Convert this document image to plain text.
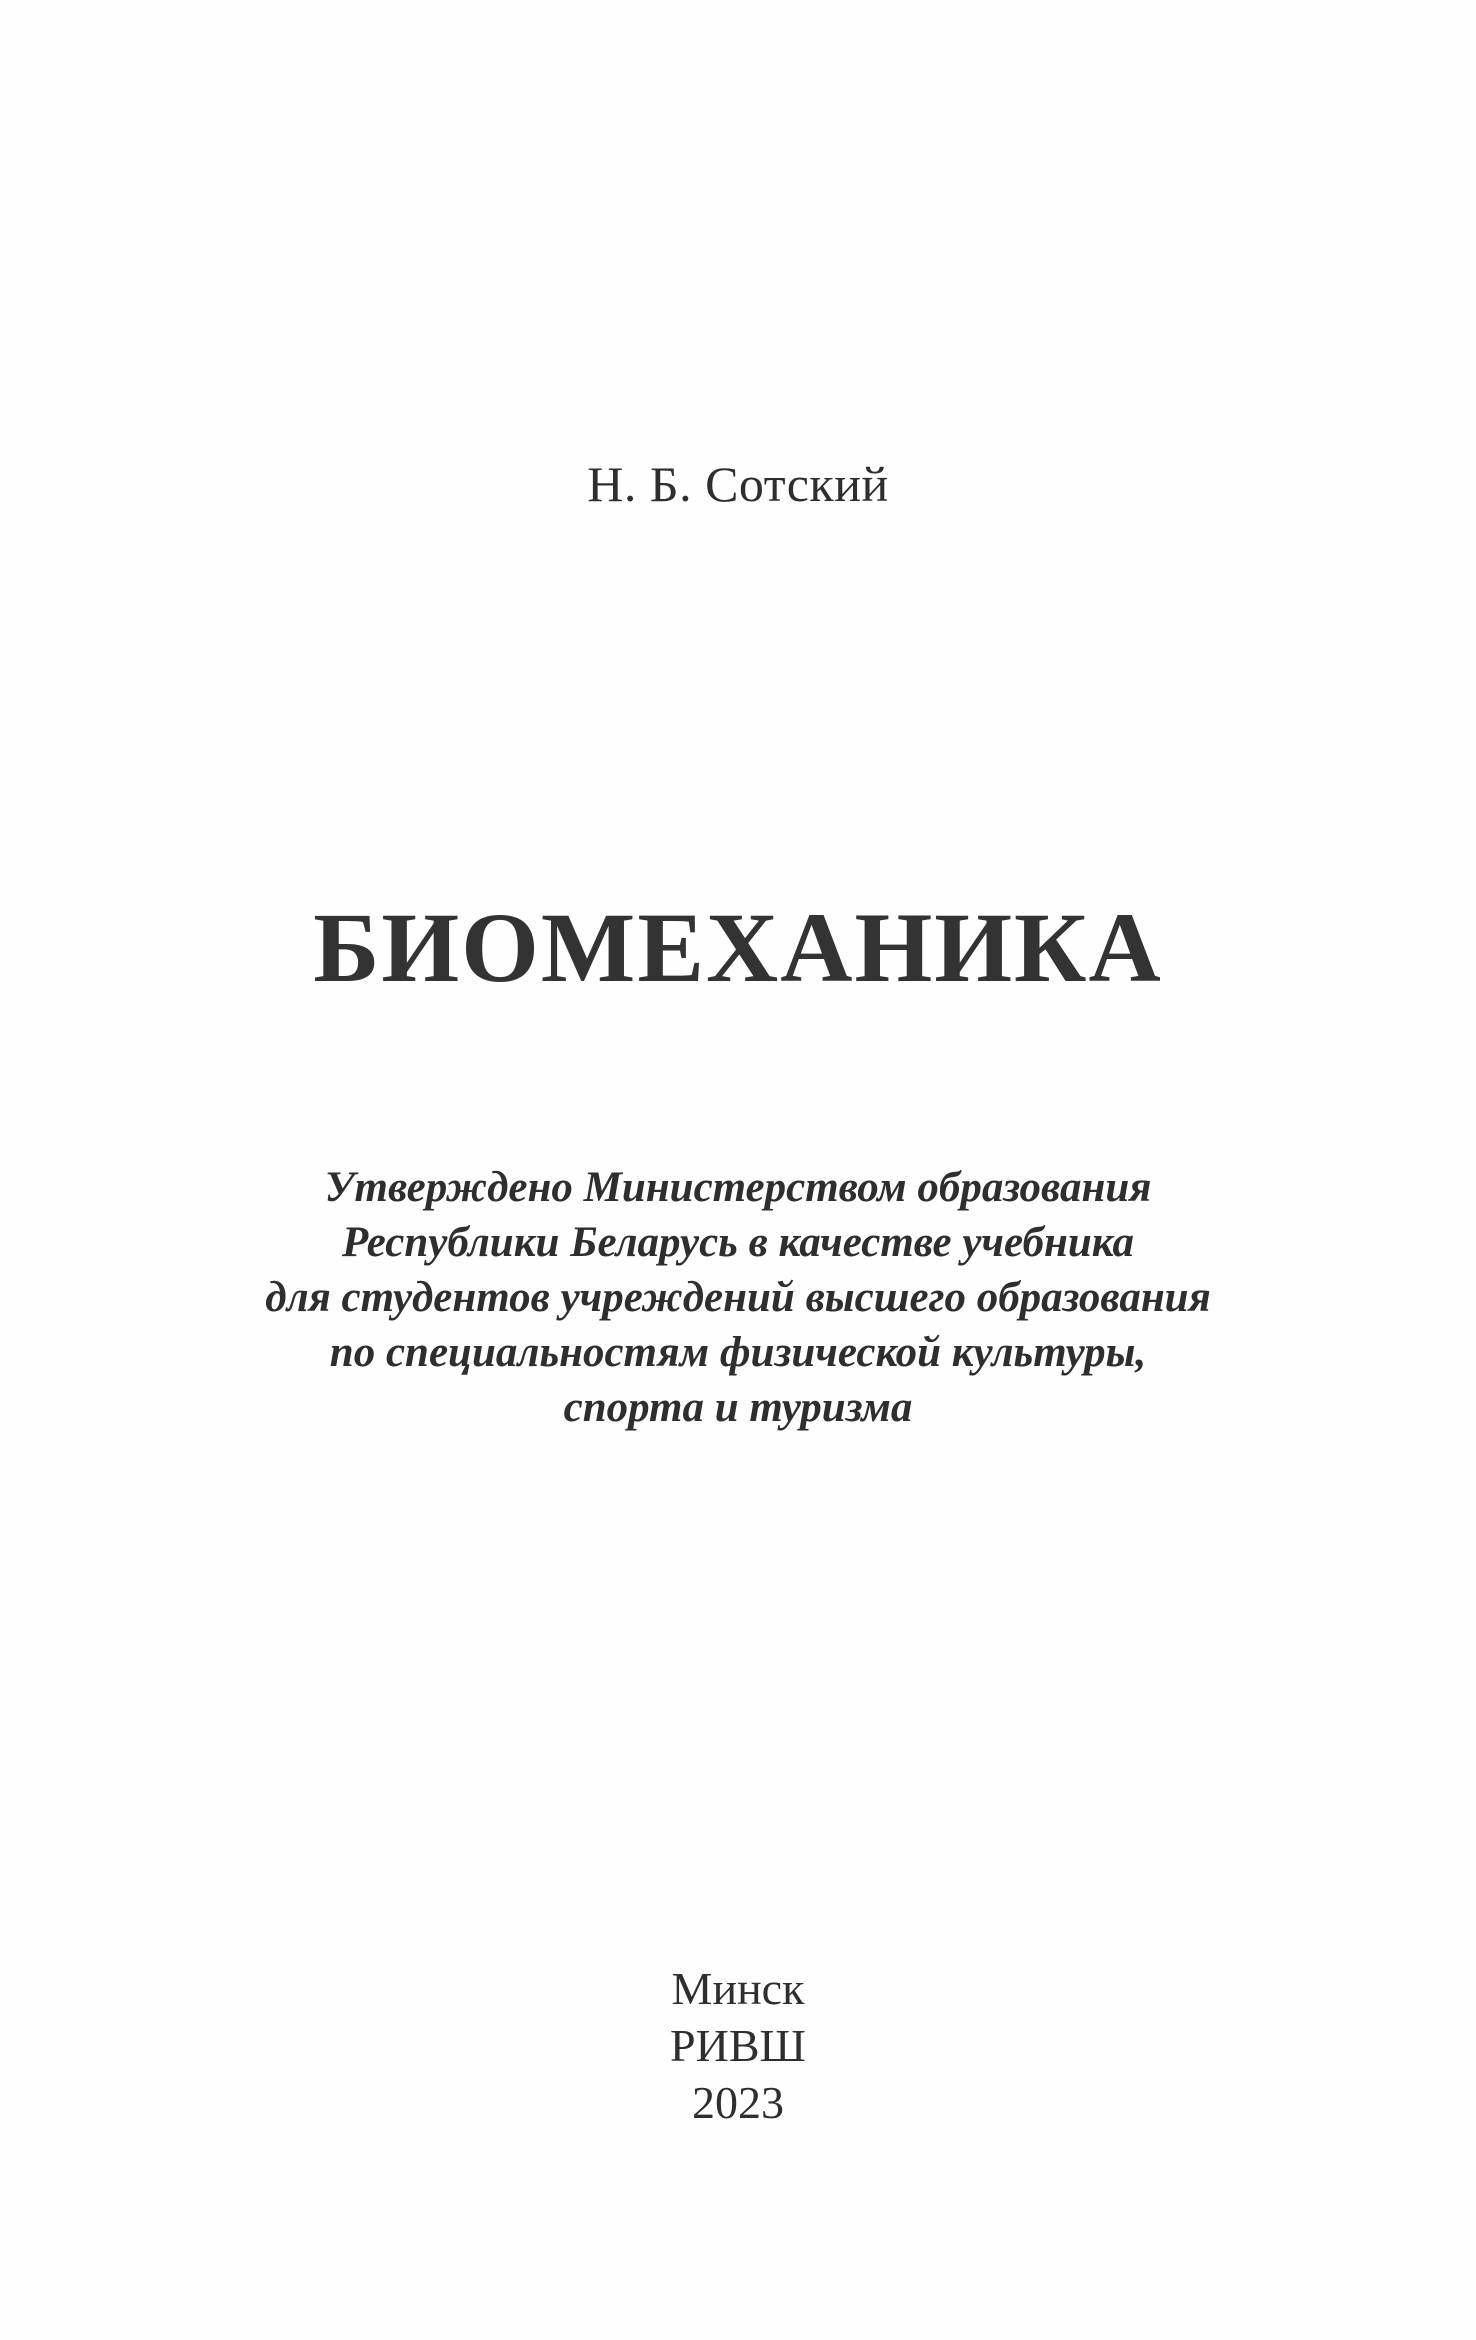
Н. Б. Сотский
БИОМЕХАНИКА
Утверждено Министерством образования
Республики Беларусь в качестве учебника
для студентов учреждений высшего образования
по специальностям физической культуры,
спорта и туризма
Минск
РИВШ
2023
